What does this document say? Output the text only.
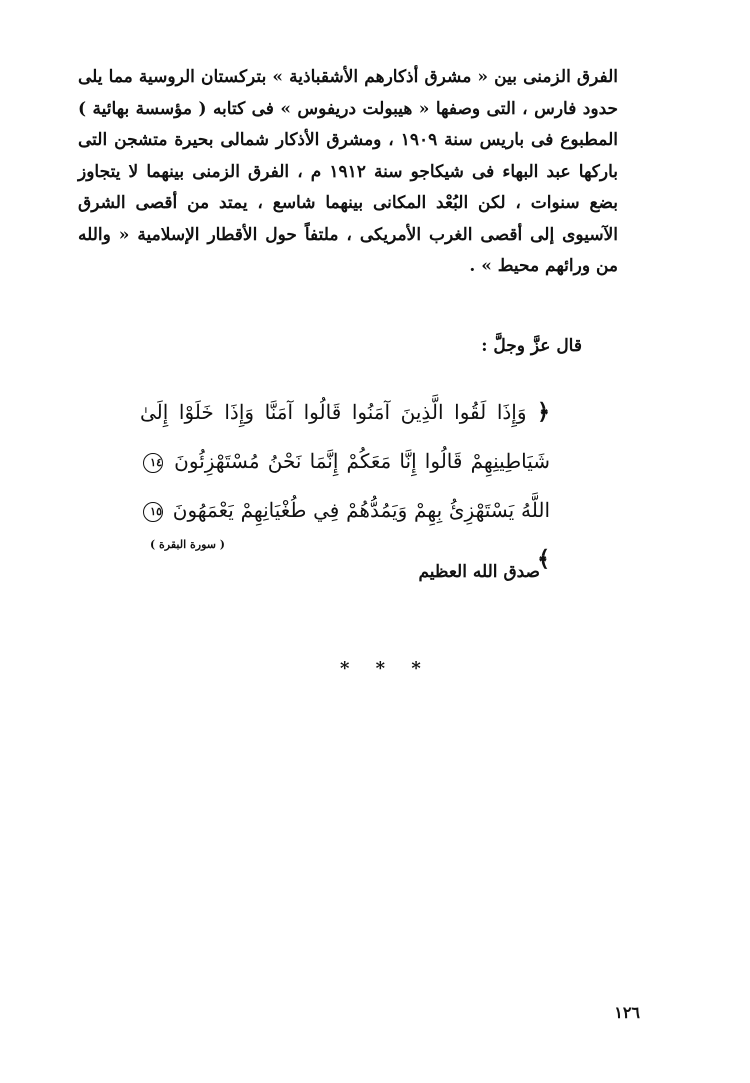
الفرق الزمنى بين « مشرق أذكارهم الأشقباذية » بتركستان الروسية مما يلى حدود فارس ، التى وصفها « هيبولت دريفوس » فى كتابه ( مؤسسة بهائية ) المطبوع فى باريس سنة ١٩٠٩ ، ومشرق الأذكار شمالى بحيرة متشجن التى باركها عبد البهاء فى شيكاجو سنة ١٩١٢ م ، الفرق الزمنى بينهما لا يتجاوز بضع سنوات ، لكن البُعْد المكانى بينهما شاسع ، يمتد من أقصى الشرق الآسيوى إلى أقصى الغرب الأمريكى ، ملتفاً حول الأقطار الإسلامية « والله من ورائهم محيط » .

قال عزَّ وجلَّ :
﴿ وَإِذَا لَقُوا الَّذِينَ آمَنُوا قَالُوا آمَنَّا وَإِذَا خَلَوْا إِلَىٰ شَيَاطِينِهِمْ قَالُوا إِنَّا مَعَكُمْ إِنَّمَا نَحْنُ مُسْتَهْزِئُونَ ١٤ اللَّهُ يَسْتَهْزِئُ بِهِمْ وَيَمُدُّهُمْ فِي طُغْيَانِهِمْ يَعْمَهُونَ ١٥ ﴾
( سورة البقرة )
صدق الله العظيم
* * *
١٢٦
